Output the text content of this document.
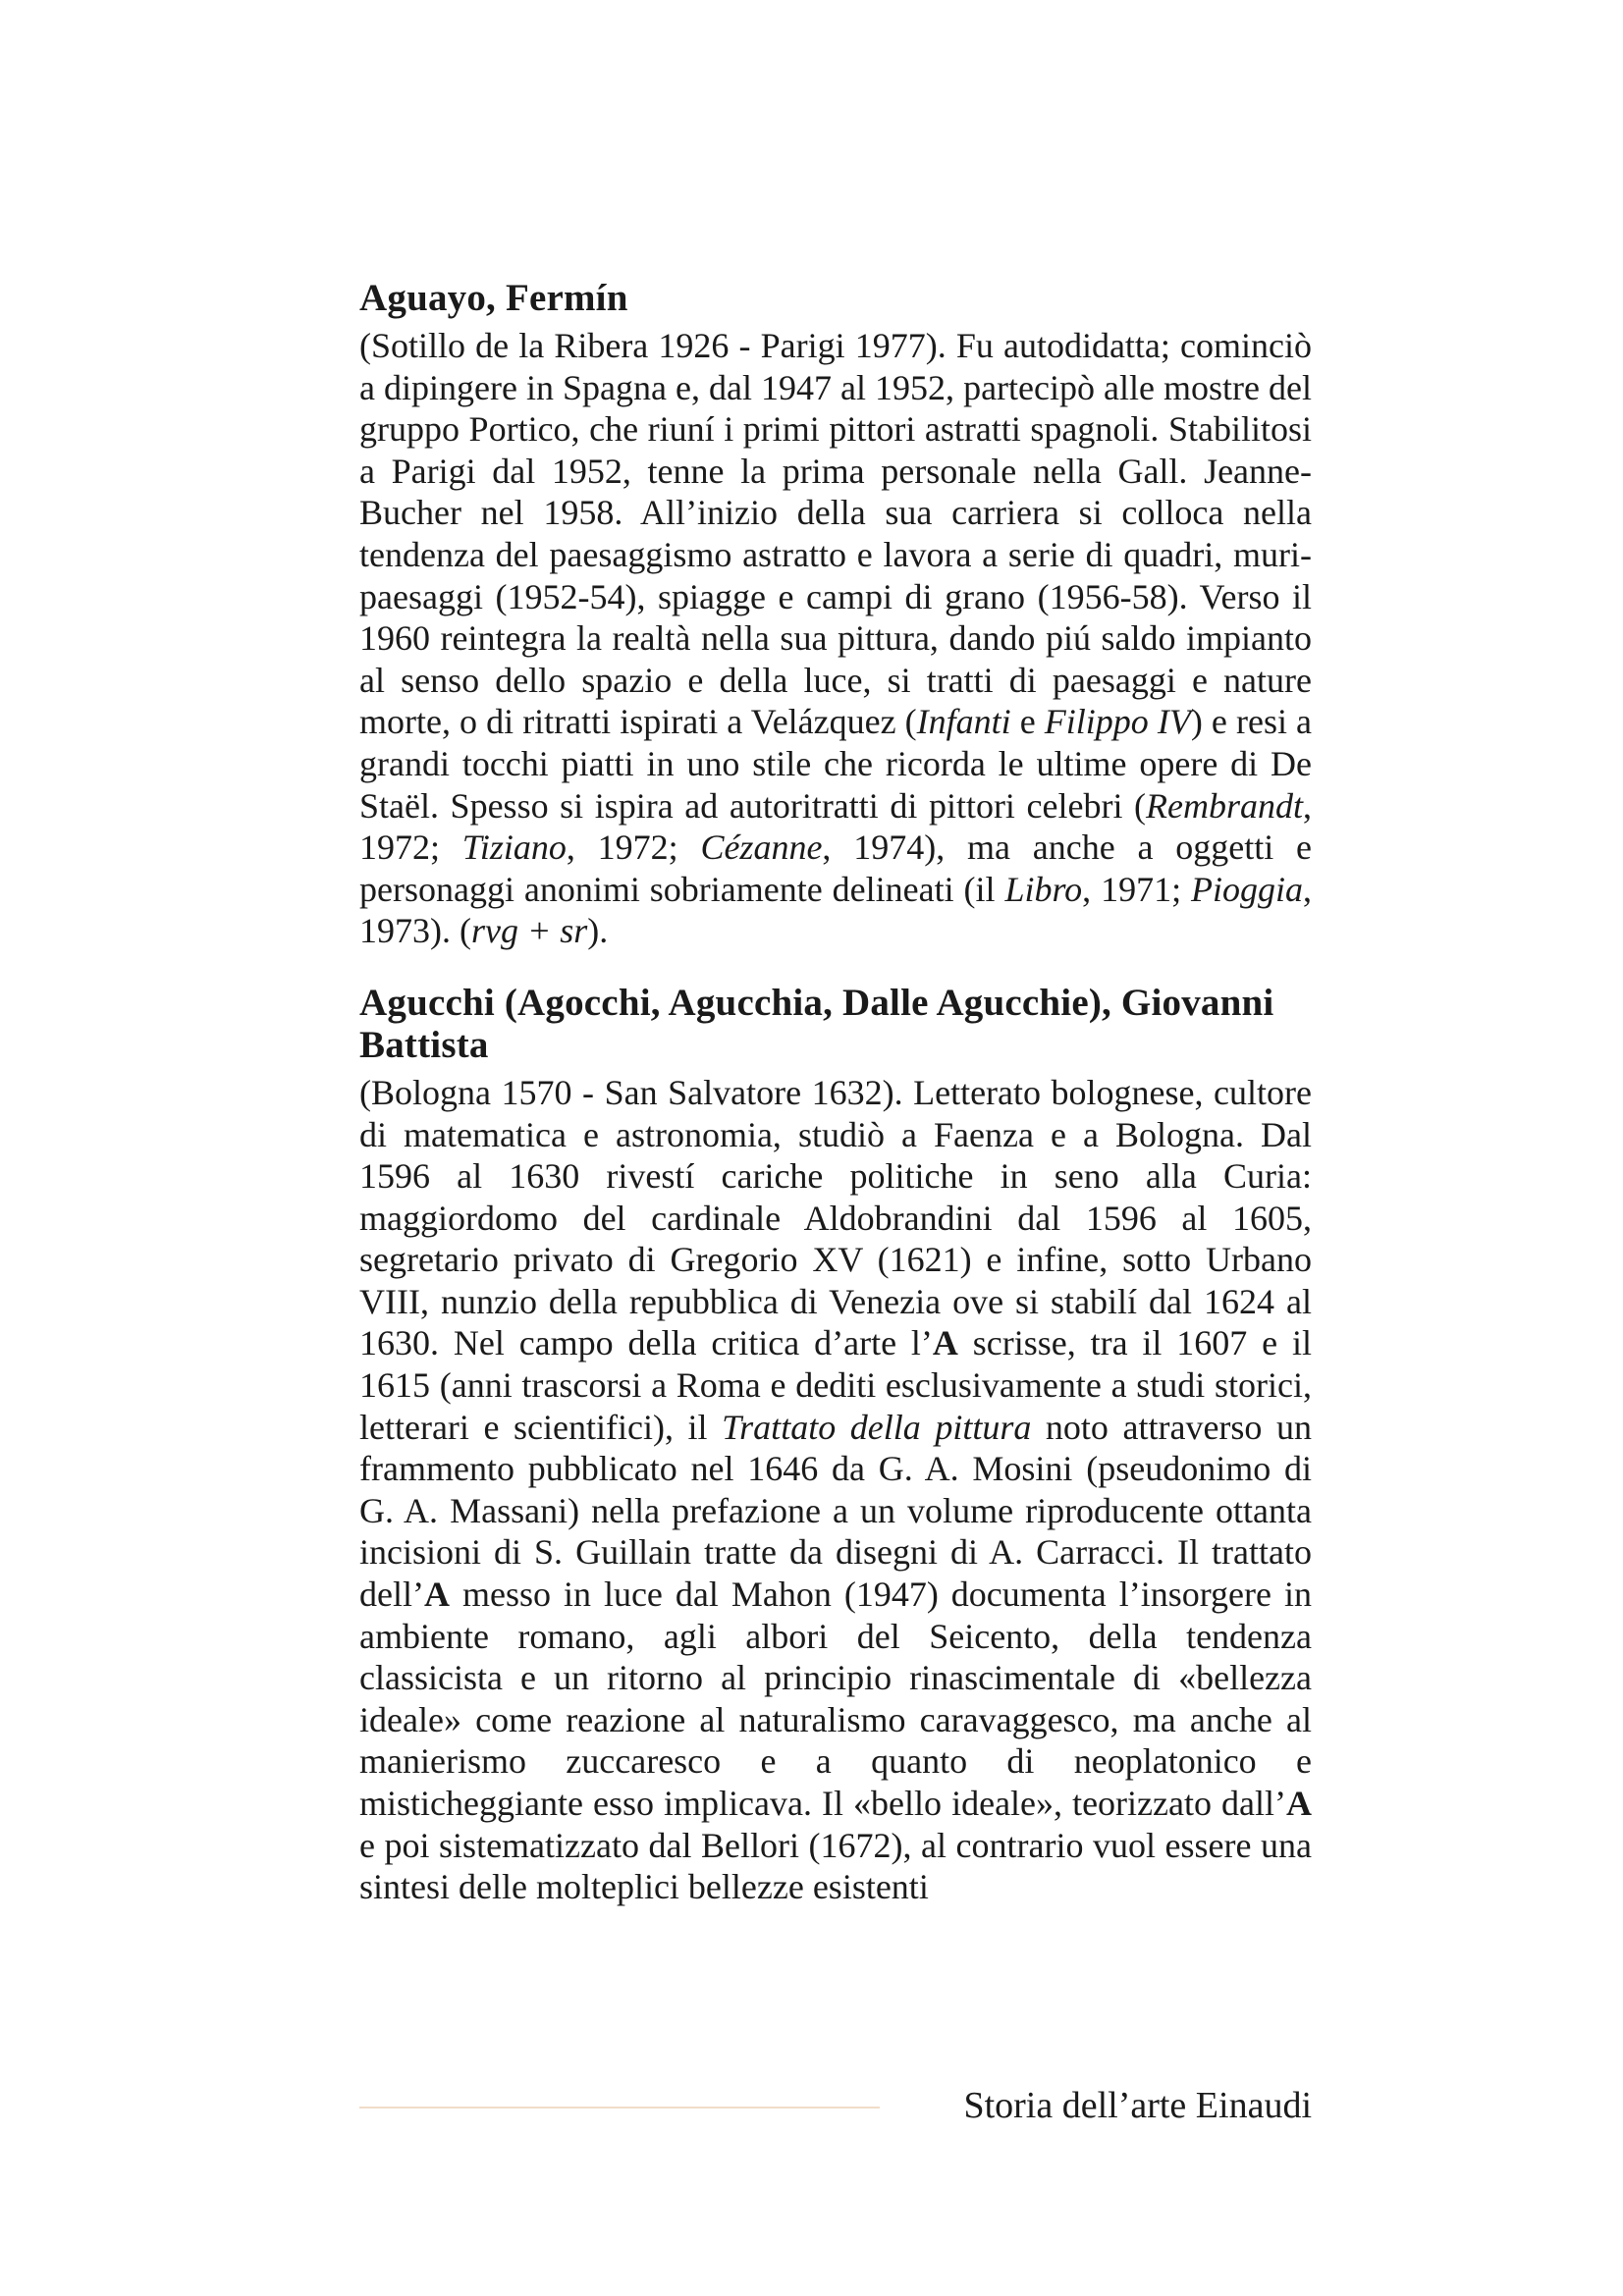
Aguayo, Fermín

(Sotillo de la Ribera 1926 - Parigi 1977). Fu autodidatta; cominciò a dipingere in Spagna e, dal 1947 al 1952, partecipò alle mostre del gruppo Portico, che riuní i primi pittori astratti spagnoli. Stabilitosi a Parigi dal 1952, tenne la prima personale nella Gall. Jeanne-Bucher nel 1958. All’inizio della sua carriera si colloca nella tendenza del paesaggismo astratto e lavora a serie di quadri, muri-paesaggi (1952-54), spiagge e campi di grano (1956-58). Verso il 1960 reintegra la realtà nella sua pittura, dando piú saldo impianto al senso dello spazio e della luce, si tratti di paesaggi e nature morte, o di ritratti ispirati a Velázquez (Infanti e Filippo IV) e resi a grandi tocchi piatti in uno stile che ricorda le ultime opere di De Staël. Spesso si ispira ad autoritratti di pittori celebri (Rembrandt, 1972; Tiziano, 1972; Cézanne, 1974), ma anche a oggetti e personaggi anonimi sobriamente delineati (il Libro, 1971; Pioggia, 1973). (rvg + sr).

Agucchi (Agocchi, Agucchia, Dalle Agucchie), Giovanni Battista

(Bologna 1570 - San Salvatore 1632). Letterato bolognese, cultore di matematica e astronomia, studiò a Faenza e a Bologna. Dal 1596 al 1630 rivestí cariche politiche in seno alla Curia: maggiordomo del cardinale Aldobrandini dal 1596 al 1605, segretario privato di Gregorio XV (1621) e infine, sotto Urbano VIII, nunzio della repubblica di Venezia ove si stabilí dal 1624 al 1630. Nel campo della critica d’arte l’A scrisse, tra il 1607 e il 1615 (anni trascorsi a Roma e dediti esclusivamente a studi storici, letterari e scientifici), il Trattato della pittura noto attraverso un frammento pubblicato nel 1646 da G. A. Mosini (pseudonimo di G. A. Massani) nella prefazione a un volume riproducente ottanta incisioni di S. Guillain tratte da disegni di A. Carracci. Il trattato dell’A messo in luce dal Mahon (1947) documenta l’insorgere in ambiente romano, agli albori del Seicento, della tendenza classicista e un ritorno al principio rinascimentale di «bellezza ideale» come reazione al naturalismo caravaggesco, ma anche al manierismo zuccaresco e a quanto di neoplatonico e misticheggiante esso implicava. Il «bello ideale», teorizzato dall’A e poi sistematizzato dal Bellori (1672), al contrario vuol essere una sintesi delle molteplici bellezze esistenti

Storia dell’arte Einaudi
